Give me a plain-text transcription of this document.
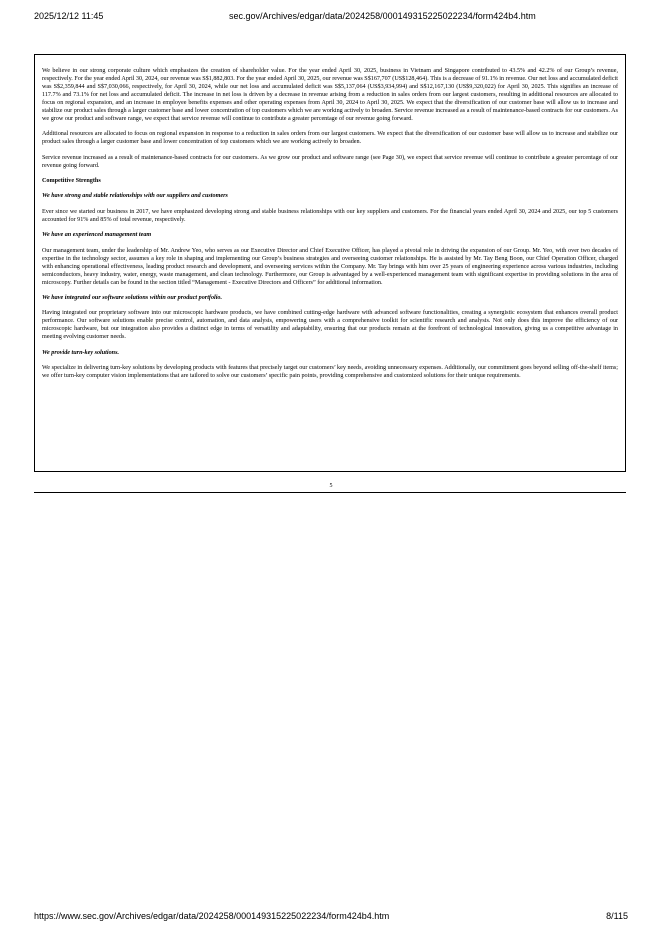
2025/12/12 11:45	sec.gov/Archives/edgar/data/2024258/000149315225022234/form424b4.htm

We believe in our strong corporate culture which emphasizes the creation of shareholder value. For the year ended April 30, 2025, business in Vietnam and Singapore contributed to 43.5% and 42.2% of our Group’s revenue, respectively. For the year ended April 30, 2024, our revenue was S$1,882,803. For the year ended April 30, 2025, our revenue was S$167,707 (US$128,464). This is a decrease of 91.1% in revenue. Our net loss and accumulated deficit was S$2,359,844 and S$7,030,066, respectively, for April 30, 2024, while our net loss and accumulated deficit was S$5,137,064 (US$3,934,994) and S$12,167,130 (US$9,320,022) for April 30, 2025. This signifies an increase of 117.7% and 73.1% for net loss and accumulated deficit. The increase in net loss is driven by a decrease in revenue arising from a reduction in sales orders from our largest customers, resulting in additional resources are allocated to focus on regional expansion, and an increase in employee benefits expenses and other operating expenses from April 30, 2024 to April 30, 2025. We expect that the diversification of our customer base will allow us to increase and stabilize our product sales through a larger customer base and lower concentration of top customers which we are working actively to broaden. Service revenue increased as a result of maintenance-based contracts for our customers. As we grow our product and software range, we expect that service revenue will continue to contribute a greater percentage of our revenue going forward.

Additional resources are allocated to focus on regional expansion in response to a reduction in sales orders from our largest customers. We expect that the diversification of our customer base will allow us to increase and stabilize our product sales through a larger customer base and lower concentration of top customers which we are working actively to broaden.

Service revenue increased as a result of maintenance-based contracts for our customers. As we grow our product and software range (see Page 30), we expect that service revenue will continue to contribute a greater percentage of our revenue going forward.

Competitive Strengths
We have strong and stable relationships with our suppliers and customers

Ever since we started our business in 2017, we have emphasized developing strong and stable business relationships with our key suppliers and customers. For the financial years ended April 30, 2024 and 2025, our top 5 customers accounted for 91% and 85% of total revenue, respectively.

We have an experienced management team

Our management team, under the leadership of Mr. Andrew Yeo, who serves as our Executive Director and Chief Executive Officer, has played a pivotal role in driving the expansion of our Group. Mr. Yeo, with over two decades of expertise in the technology sector, assumes a key role in shaping and implementing our Group’s business strategies and overseeing customer relationships. He is assisted by Mr. Tay Beng Boon, our Chief Operation Officer, charged with enhancing operational effectiveness, leading product research and development, and overseeing services within the Company. Mr. Tay brings with him over 25 years of engineering experience across various industries, including semiconductors, heavy industry, water, energy, waste management, and clean technology. Furthermore, our Group is advantaged by a well-experienced management team with significant expertise in providing solutions in the area of microscopy. Further details can be found in the section titled “Management - Executive Directors and Officers” for additional information.

We have integrated our software solutions within our product portfolio.

Having integrated our proprietary software into our microscopic hardware products, we have combined cutting-edge hardware with advanced software functionalities, creating a synergistic ecosystem that enhances overall product performance. Our software solutions enable precise control, automation, and data analysis, empowering users with a comprehensive toolkit for scientific research and analysis. Not only does this improve the efficiency of our microscopic hardware, but our integration also provides a distinct edge in terms of versatility and adaptability, ensuring that our products remain at the forefront of technological innovation, giving us a competitive advantage in meeting evolving customer needs.

We provide turn-key solutions.

We specialize in delivering turn-key solutions by developing products with features that precisely target our customers’ key needs, avoiding unnecessary expenses. Additionally, our commitment goes beyond selling off-the-shelf items; we offer turn-key computer vision implementations that are tailored to solve our customers’ specific pain points, providing comprehensive and customized solutions for their unique requirements.

5
https://www.sec.gov/Archives/edgar/data/2024258/000149315225022234/form424b4.htm	8/115
